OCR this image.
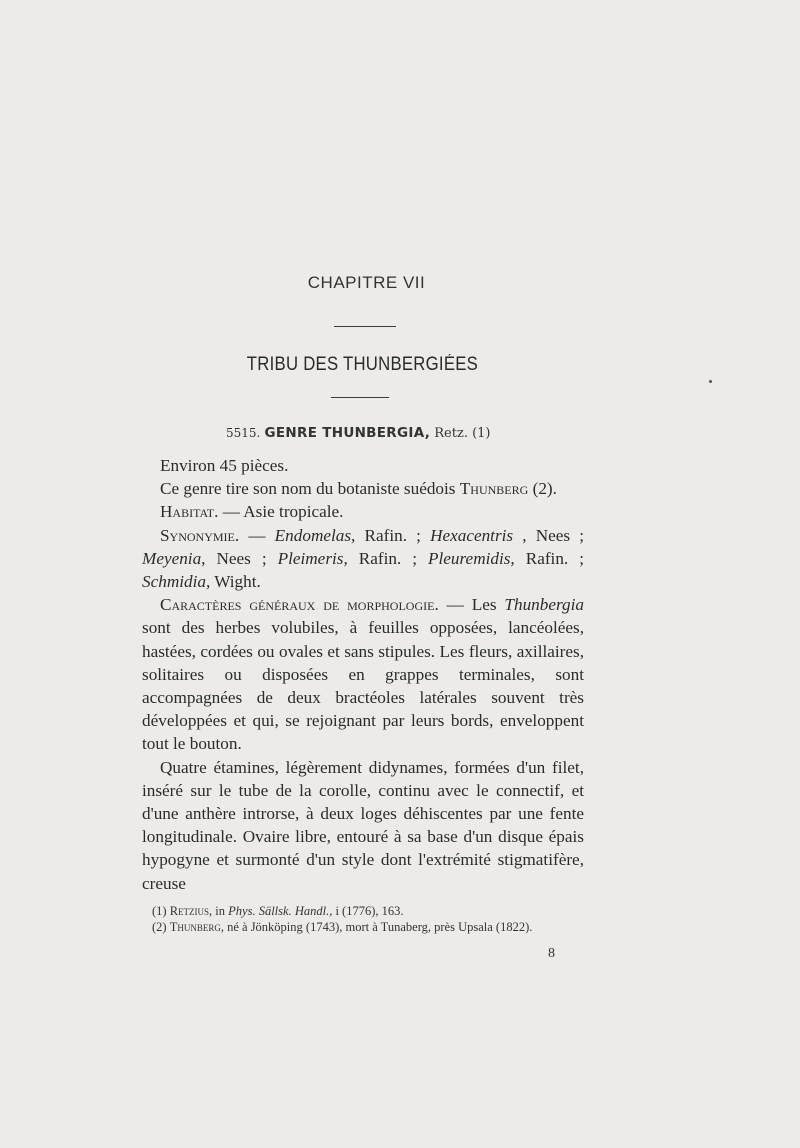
CHAPITRE VII
TRIBU DES THUNBERGIÉES
5515. GENRE THUNBERGIA, Retz. (1)

Environ 45 pièces.

Ce genre tire son nom du botaniste suédois Thunberg (2).

Habitat. — Asie tropicale.

Synonymie. — Endomelas, Rafin. ; Hexacentris , Nees ; Meyenia, Nees ; Pleimeris, Rafin. ; Pleuremidis, Rafin. ; Schmidia, Wight.

Caractères généraux de morphologie. — Les Thunbergia sont des herbes volubiles, à feuilles opposées, lancéolées, hastées, cordées ou ovales et sans stipules. Les fleurs, axillaires, solitaires ou disposées en grappes terminales, sont accompagnées de deux bractéoles latérales souvent très développées et qui, se rejoignant par leurs bords, enveloppent tout le bouton.

Quatre étamines, légèrement didynames, formées d'un filet, inséré sur le tube de la corolle, continu avec le connectif, et d'une anthère introrse, à deux loges déhiscentes par une fente longitudinale. Ovaire libre, entouré à sa base d'un disque épais hypogyne et surmonté d'un style dont l'extrémité stigmatifère, creuse

(1) Retzius, in Phys. Sällsk. Handl., i (1776), 163.

(2) Thunberg, né à Jönköping (1743), mort à Tunaberg, près Upsala (1822).

8
